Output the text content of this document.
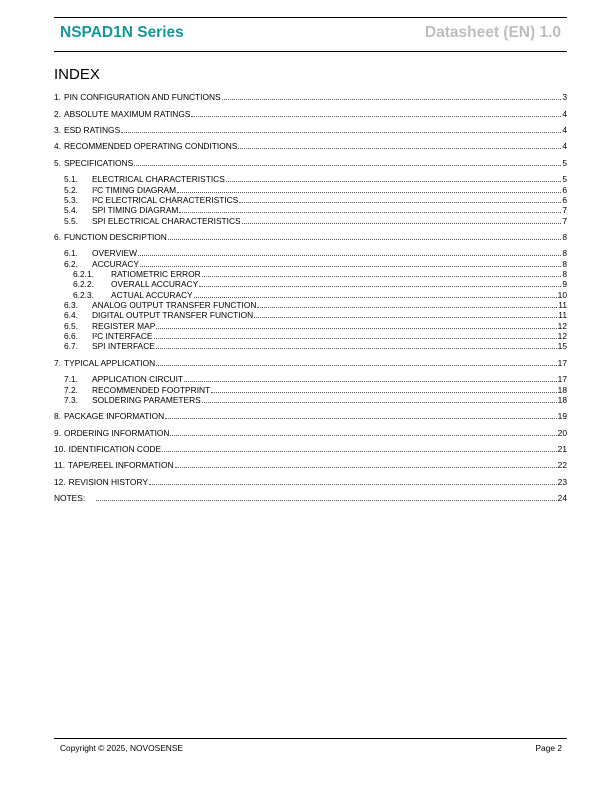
NSPAD1N Series	Datasheet (EN) 1.0
INDEX
1. PIN CONFIGURATION AND FUNCTIONS	3
2. ABSOLUTE MAXIMUM RATINGS	4
3. ESD RATINGS	4
4. RECOMMENDED OPERATING CONDITIONS	4
5. SPECIFICATIONS	5
5.1.	ELECTRICAL CHARACTERISTICS	5
5.2.	I²C TIMING DIAGRAM	6
5.3.	I²C ELECTRICAL CHARACTERISTICS	6
5.4.	SPI TIMING DIAGRAM	7
5.5.	SPI ELECTRICAL CHARACTERISTICS	7
6. FUNCTION DESCRIPTION	8
6.1.	OVERVIEW	8
6.2.	ACCURACY	8
6.2.1.	RATIOMETRIC ERROR	8
6.2.2.	OVERALL ACCURACY	9
6.2.3.	ACTUAL ACCURACY	10
6.3.	ANALOG OUTPUT TRANSFER FUNCTION	11
6.4.	DIGITAL OUTPUT TRANSFER FUNCTION	11
6.5.	REGISTER MAP	12
6.6.	I²C INTERFACE	12
6.7.	SPI INTERFACE	15
7. TYPICAL APPLICATION	17
7.1.	APPLICATION CIRCUIT	17
7.2.	RECOMMENDED FOOTPRINT	18
7.3.	SOLDERING PARAMETERS	18
8. PACKAGE INFORMATION	19
9. ORDERING INFORMATION	20
10. IDENTIFICATION CODE	21
11. TAPE/REEL INFORMATION	22
12. REVISION HISTORY	23
NOTES:	24
Copyright © 2025, NOVOSENSE	Page 2
